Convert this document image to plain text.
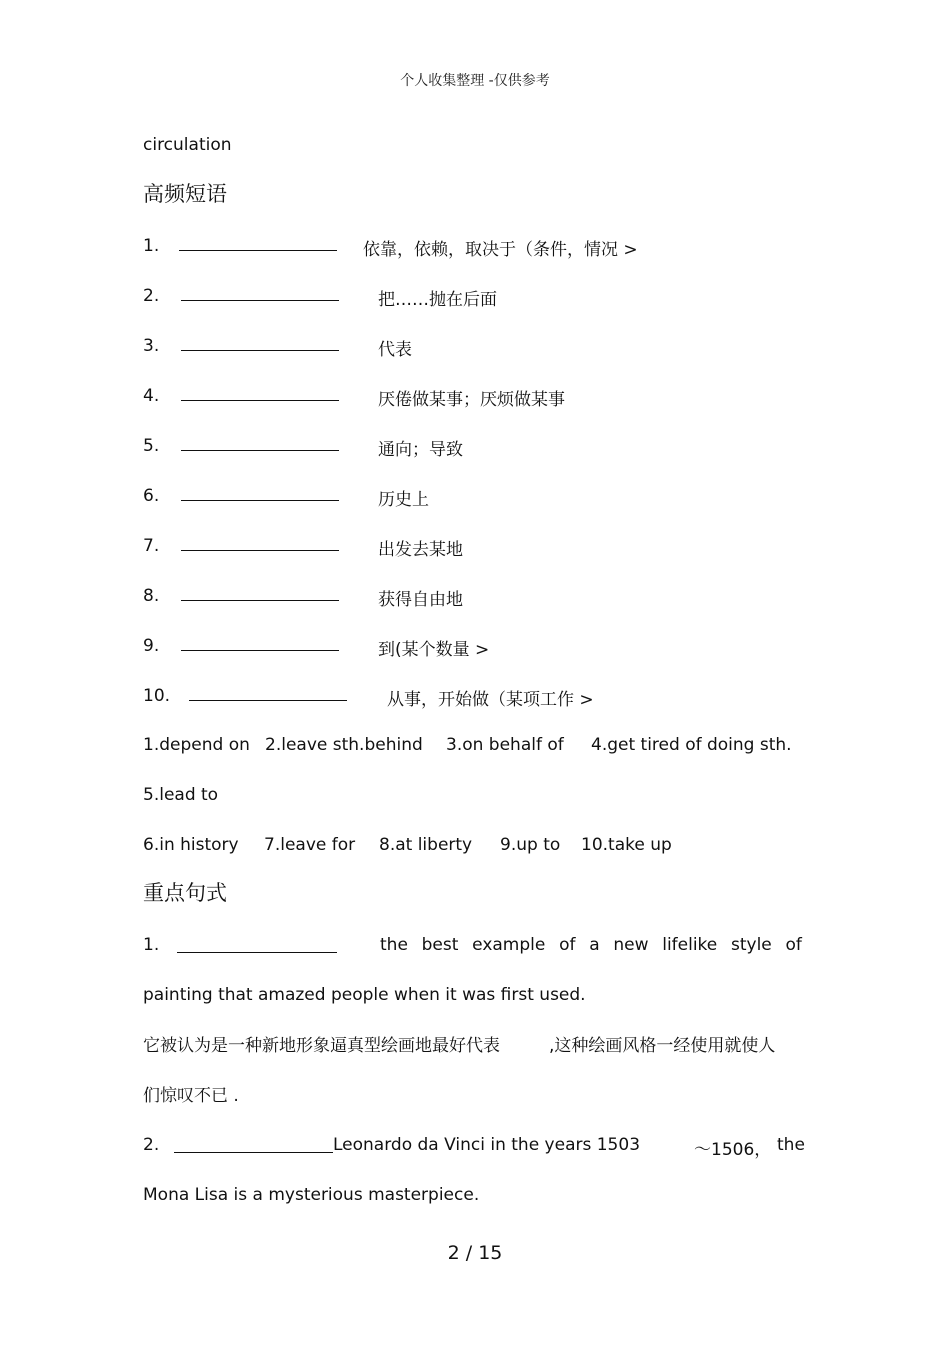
个人收集整理 -仅供参考
circulation
高频短语
1.	依靠，依赖，取决于（条件，情况 >
2.	把……抛在后面
3.	代表
4.	厌倦做某事；厌烦做某事
5.	通向；导致
6.	历史上
7.	出发去某地
8.	获得自由地
9.	到(某个数量 >
10.	从事，开始做（某项工作 >
1.depend on 2.leave sth.behind 3.on behalf of 4.get tired of doing sth.
5.lead to
6.in history 7.leave for 8.at liberty 9.up to 10.take up
重点句式
1.	the best example of a new lifelike style of
painting that amazed people when it was first used.
它被认为是一种新地形象逼真型绘画地最好代表	,这种绘画风格一经使用就使人
们惊叹不已 .
2.	Leonardo da Vinci in the years 1503	～1506， the
Mona Lisa is a mysterious masterpiece.
2 / 15
